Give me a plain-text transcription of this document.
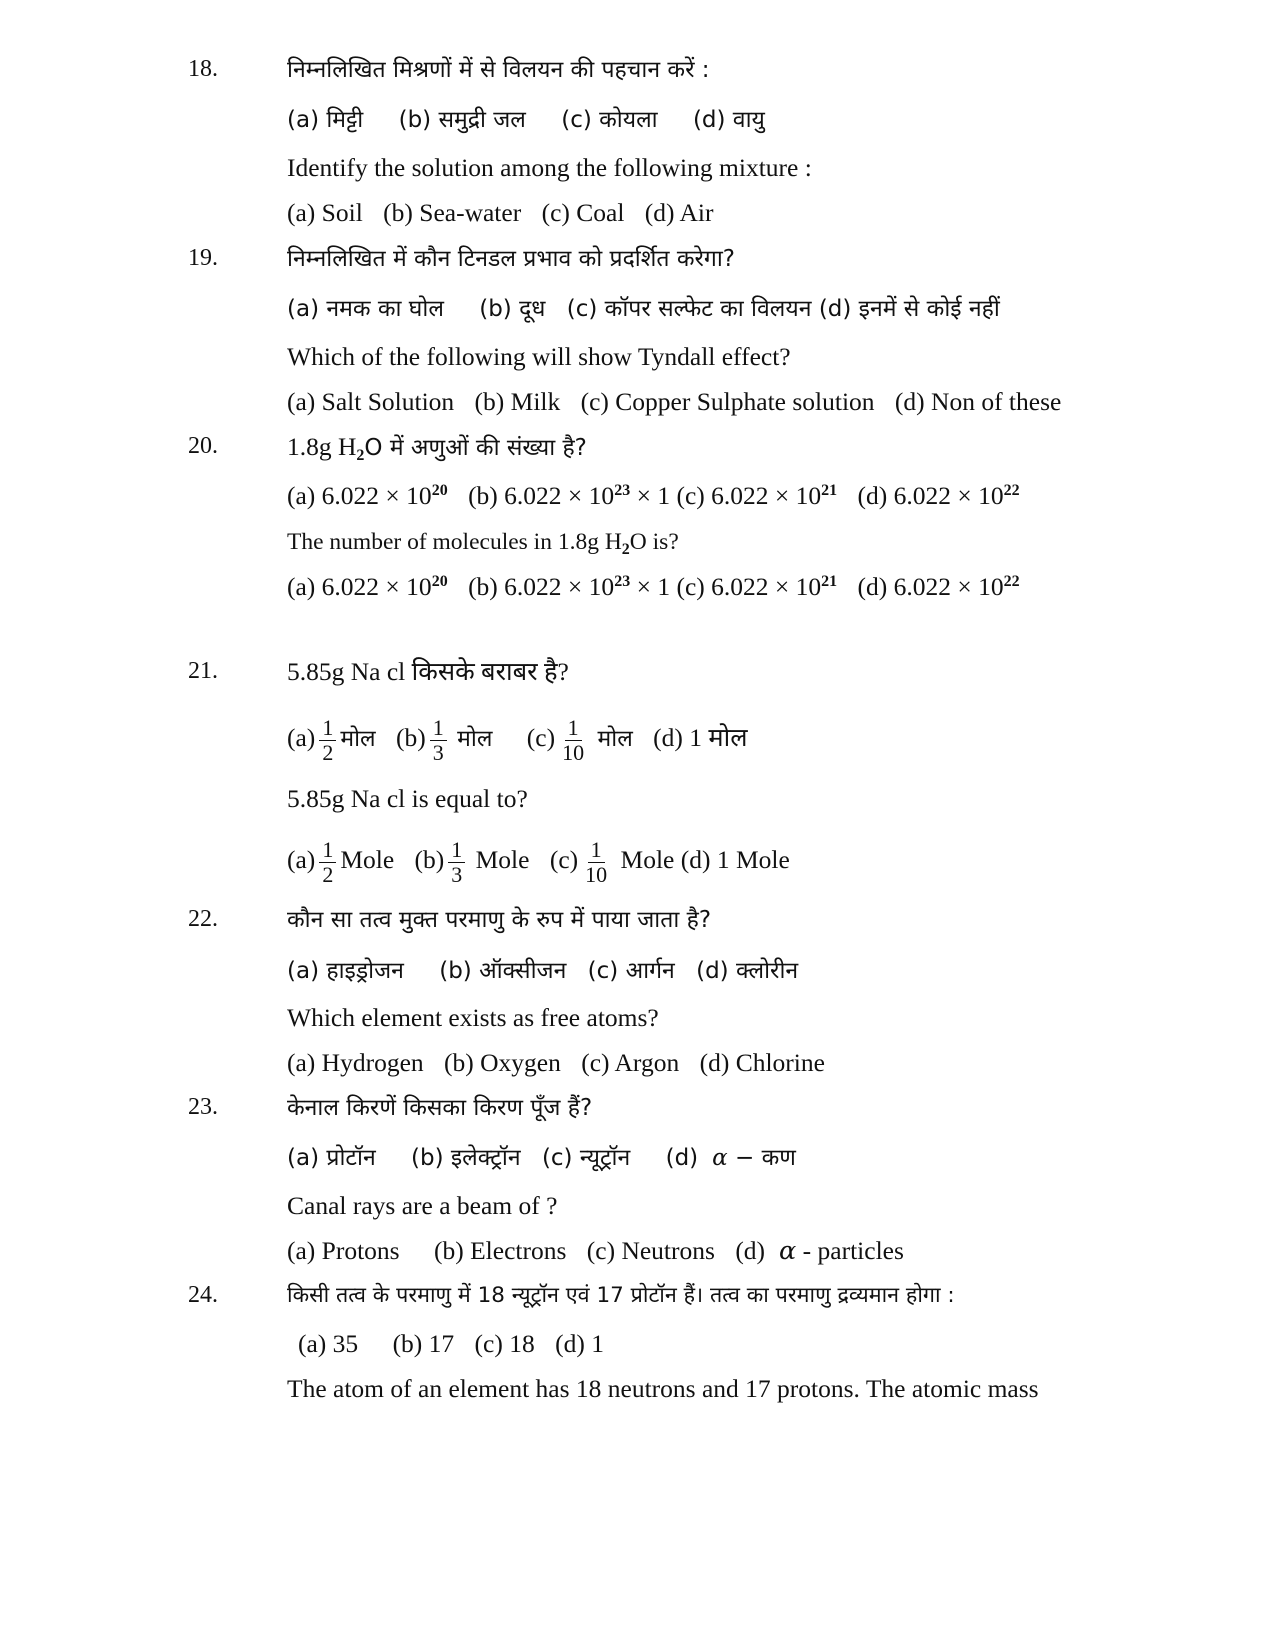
18.	निम्नलिखित मिश्रणों में से विलयन की पहचान करें :
(a) मिट्टी (b) समुद्री जल (c) कोयला (d) वायु
Identify the solution among the following mixture :
(a) Soil (b) Sea-water (c) Coal (d) Air
19.	निम्नलिखित में कौन टिनडल प्रभाव को प्रदर्शित करेगा?
(a) नमक का घोल (b) दूध (c) कॉपर सल्फेट का विलयन (d) इनमें से कोई नहीं
Which of the following will show Tyndall effect?
(a) Salt Solution (b) Milk (c) Copper Sulphate solution (d) Non of these
20.	1.8g $H_2O$ में अणुओं की संख्या है?
(a) $6.022 \times 10^{20}$ (b) $6.022 \times 10^{23} \times 1$ (c) $6.022 \times 10^{21}$ (d) $6.022 \times 10^{22}$
The number of molecules in 1.8g $H_2O$ is?
(a) $6.022 \times 10^{20}$ (b) $6.022 \times 10^{23} \times 1$ (c) $6.022 \times 10^{21}$ (d) $6.022 \times 10^{22}$
21.	5.85g Na cl किसके बराबर है?
$(a) \frac{1}{2}$ मोल $(b) \frac{1}{3}$ मोल $(c) \frac{1}{10}$ मोल (d) 1 मोल
5.85g Na cl is equal to?
$(a) \frac{1}{2}$ Mole $(b) \frac{1}{3}$ Mole $(c) \frac{1}{10}$ Mole (d) 1 Mole
22.	कौन सा तत्व मुक्त परमाणु के रुप में पाया जाता है?
(a) हाइड्रोजन (b) ऑक्सीजन (c) आर्गन (d) क्लोरीन
Which element exists as free atoms?
(a) Hydrogen (b) Oxygen (c) Argon (d) Chlorine
23.	केनाल किरणें किसका किरण पूँज हैं?
(a) प्रोटॉन (b) इलेक्ट्रॉन (c) न्यूट्रॉन (d) α − कण
Canal rays are a beam of ?
(a) Protons (b) Electrons (c) Neutrons (d) α - particles
24.	किसी तत्व के परमाणु में 18 न्यूट्रॉन एवं 17 प्रोटॉन हैं। तत्व का परमाणु द्रव्यमान होगा :
(a) 35 (b) 17 (c) 18 (d) 1
The atom of an element has 18 neutrons and 17 protons. The atomic mass
